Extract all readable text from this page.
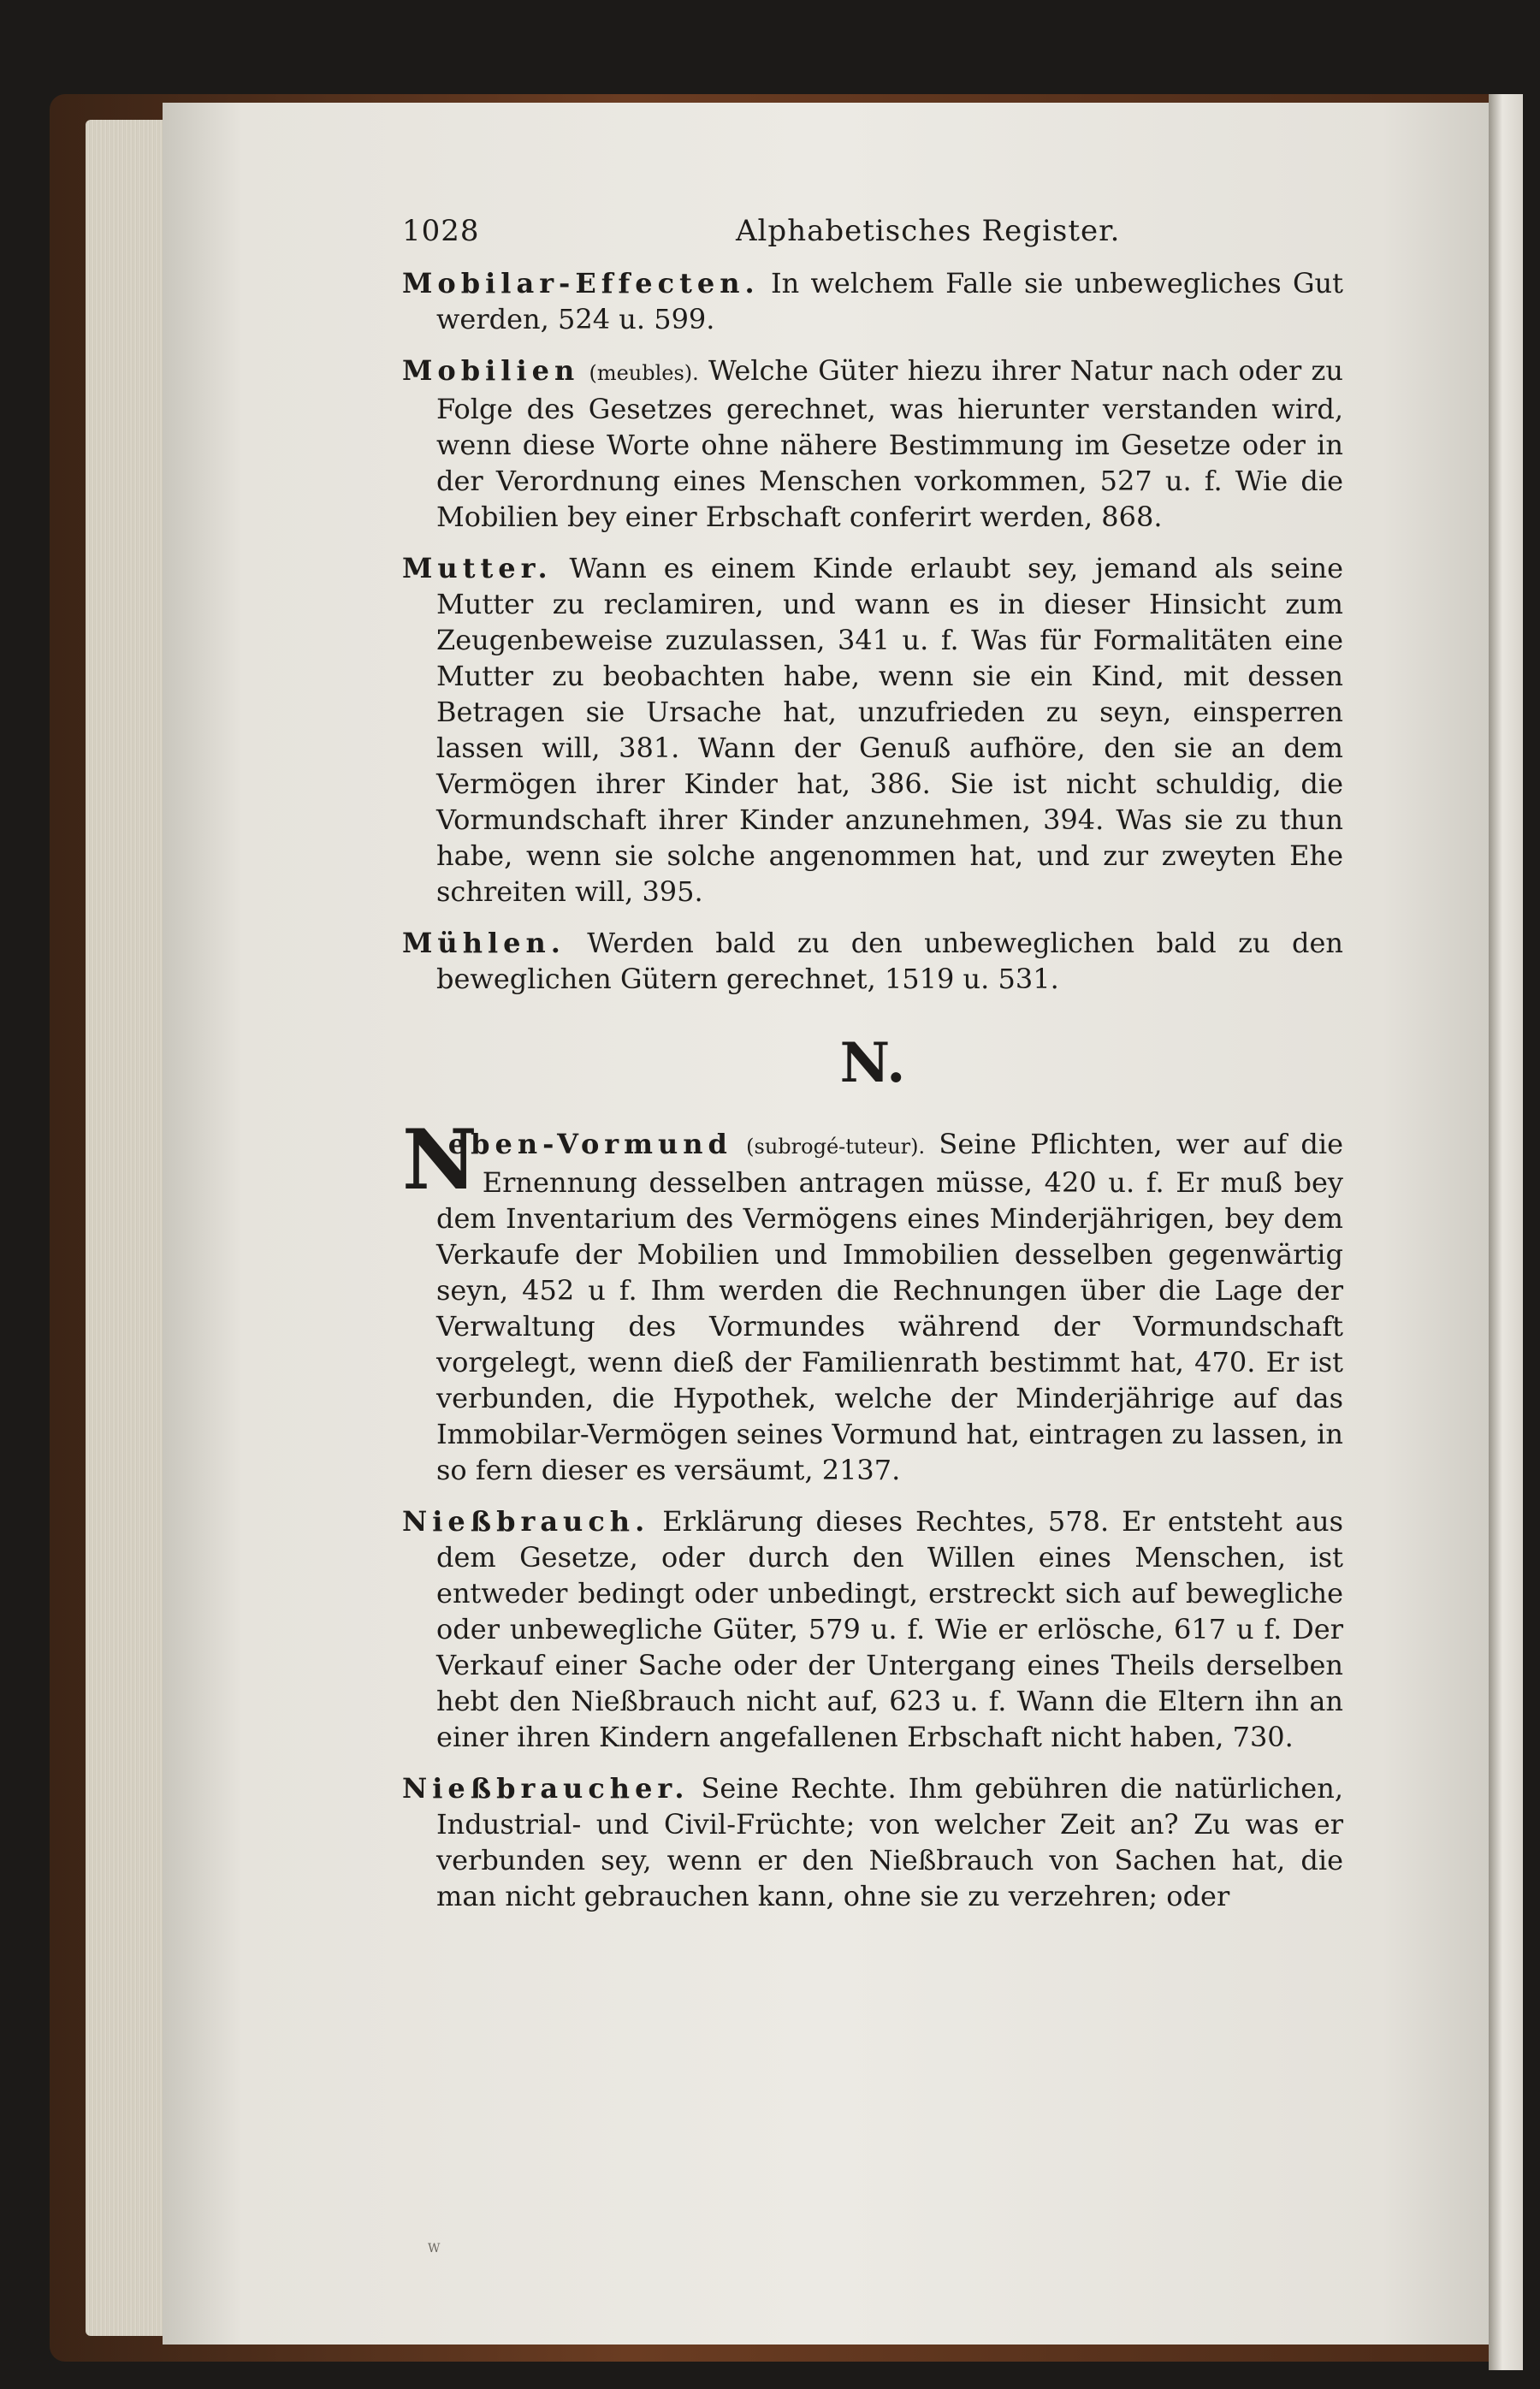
1028	Alphabetisches Register.
Mobilar-Effecten. In welchem Falle sie unbewegliches Gut werden, 524 u. 599.
Mobilien (meubles). Welche Güter hiezu ihrer Natur nach oder zu Folge des Gesetzes gerechnet, was hierunter verstanden wird, wenn diese Worte ohne nähere Bestimmung im Gesetze oder in der Verordnung eines Menschen vorkommen, 527 u. f. Wie die Mobilien bey einer Erbschaft conferirt werden, 868.
Mutter. Wann es einem Kinde erlaubt sey, jemand als seine Mutter zu reclamiren, und wann es in dieser Hinsicht zum Zeugenbeweise zuzulassen, 341 u. f. Was für Formalitäten eine Mutter zu beobachten habe, wenn sie ein Kind, mit dessen Betragen sie Ursache hat, unzufrieden zu seyn, einsperren lassen will, 381. Wann der Genuß aufhöre, den sie an dem Vermögen ihrer Kinder hat, 386. Sie ist nicht schuldig, die Vormundschaft ihrer Kinder anzunehmen, 394. Was sie zu thun habe, wenn sie solche angenommen hat, und zur zweyten Ehe schreiten will, 395.
Mühlen. Werden bald zu den unbeweglichen bald zu den beweglichen Gütern gerechnet, 1519 u. 531.
N.
N
eben-Vormund (subrogé-tuteur). Seine Pflichten, wer auf die Ernennung desselben antragen müsse, 420 u. f. Er muß bey dem Inventarium des Vermögens eines Minderjährigen, bey dem Verkaufe der Mobilien und Immobilien desselben gegenwärtig seyn, 452 u f. Ihm werden die Rechnungen über die Lage der Verwaltung des Vormundes während der Vormundschaft vorgelegt, wenn dieß der Familienrath bestimmt hat, 470. Er ist verbunden, die Hypothek, welche der Minderjährige auf das Immobilar-Vermögen seines Vormund hat, eintragen zu lassen, in so fern dieser es versäumt, 2137.
Nießbrauch. Erklärung dieses Rechtes, 578. Er entsteht aus dem Gesetze, oder durch den Willen eines Menschen, ist entweder bedingt oder unbedingt, erstreckt sich auf bewegliche oder unbewegliche Güter, 579 u. f. Wie er erlösche, 617 u f. Der Verkauf einer Sache oder der Untergang eines Theils derselben hebt den Nießbrauch nicht auf, 623 u. f. Wann die Eltern ihn an einer ihren Kindern angefallenen Erbschaft nicht haben, 730.
Nießbraucher. Seine Rechte. Ihm gebühren die natürlichen, Industrial- und Civil-Früchte; von welcher Zeit an? Zu was er verbunden sey, wenn er den Nießbrauch von Sachen hat, die man nicht gebrauchen kann, ohne sie zu verzehren; oder
W
